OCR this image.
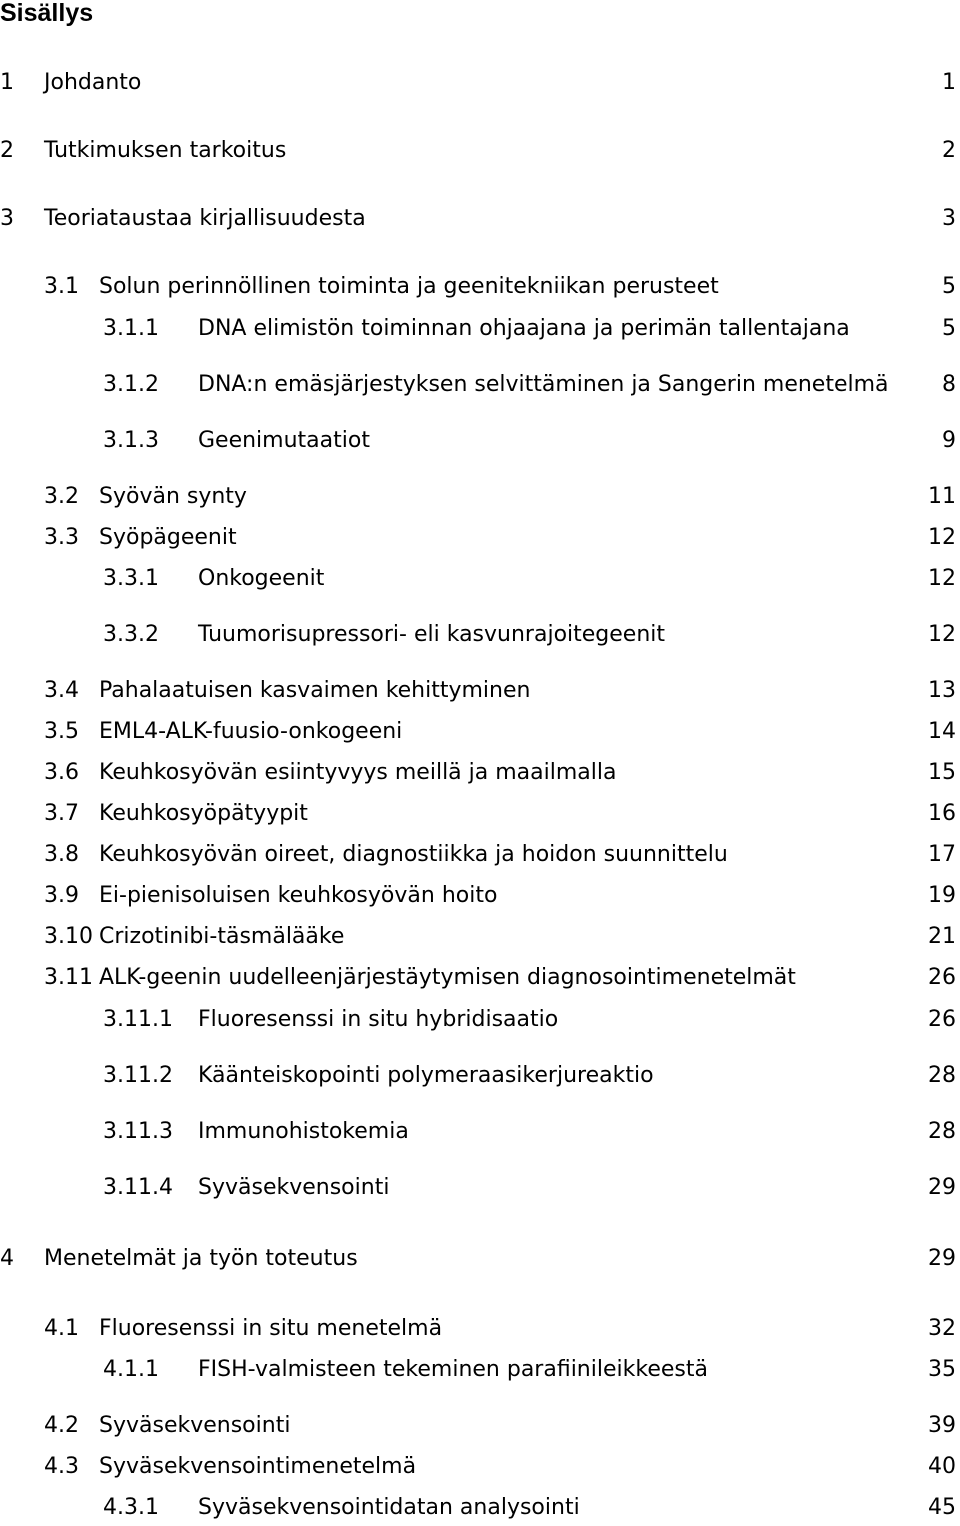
Sisällys
1 Johdanto	1
2 Tutkimuksen tarkoitus	2
3 Teoriataustaa kirjallisuudesta	3
3.1 Solun perinnöllinen toiminta ja geenitekniikan perusteet	5
3.1.1 DNA elimistön toiminnan ohjaajana ja perimän tallentajana	5
3.1.2 DNA:n emäsjärjestyksen selvittäminen ja Sangerin menetelmä 8
3.1.3 Geenimutaatiot	9
3.2 Syövän synty	11
3.3 Syöpägeenit	12
3.3.1 Onkogeenit	12
3.3.2 Tuumorisupressori- eli kasvunrajoitegeenit	12
3.4 Pahalaatuisen kasvaimen kehittyminen	13
3.5 EML4-ALK-fuusio-onkogeeni	14
3.6 Keuhkosyövän esiintyvyys meillä ja maailmalla	15
3.7 Keuhkosyöpätyypit	16
3.8 Keuhkosyövän oireet, diagnostiikka ja hoidon suunnittelu	17
3.9 Ei-pienisoluisen keuhkosyövän hoito	19
3.10 Crizotinibi-täsmälääke	21
3.11 ALK-geenin uudelleenjärjestäytymisen diagnosointimenetelmät	26
3.11.1 Fluoresenssi in situ hybridisaatio	26
3.11.2 Käänteiskopointi polymeraasikerjureaktio	28
3.11.3 Immunohistokemia	28
3.11.4 Syväsekvensointi	29
4 Menetelmät ja työn toteutus	29
4.1 Fluoresenssi in situ menetelmä	32
4.1.1 FISH-valmisteen tekeminen parafiinileikkeestä	35
4.2 Syväsekvensointi	39
4.3 Syväsekvensointimenetelmä	40
4.3.1 Syväsekvensointidatan analysointi	45
